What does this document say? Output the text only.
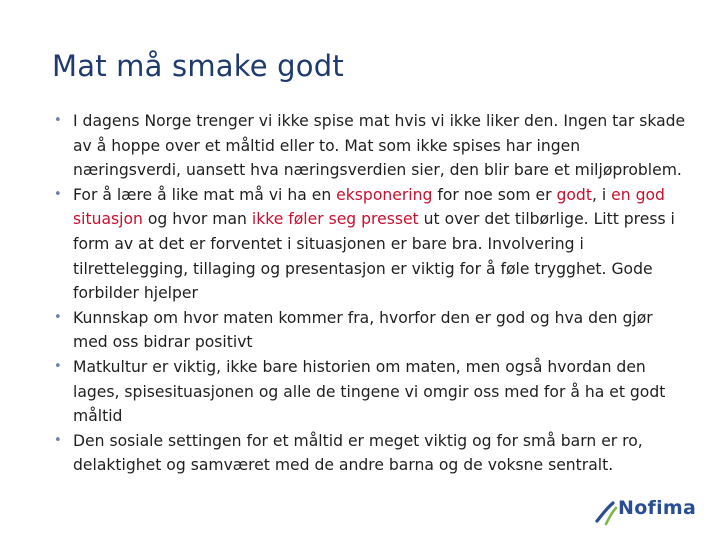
Mat må smake godt
• I dagens Norge trenger vi ikke spise mat hvis vi ikke liker den. Ingen tar skade av å hoppe over et måltid eller to. Mat som ikke spises har ingen næringsverdi, uansett hva næringsverdien sier, den blir bare et miljøproblem.
• For å lære å like mat må vi ha en eksponering for noe som er godt, i en god situasjon og hvor man ikke føler seg presset ut over det tilbørlige. Litt press i form av at det er forventet i situasjonen er bare bra. Involvering i tilrettelegging, tillaging og presentasjon er viktig for å føle trygghet. Gode forbilder hjelper
• Kunnskap om hvor maten kommer fra, hvorfor den er god og hva den gjør med oss bidrar positivt
• Matkultur er viktig, ikke bare historien om maten, men også hvordan den lages, spisesituasjonen og alle de tingene vi omgir oss med for å ha et godt måltid
• Den sosiale settingen for et måltid er meget viktig og for små barn er ro, delaktighet og samværet med de andre barna og de voksne sentralt.
Nofima
